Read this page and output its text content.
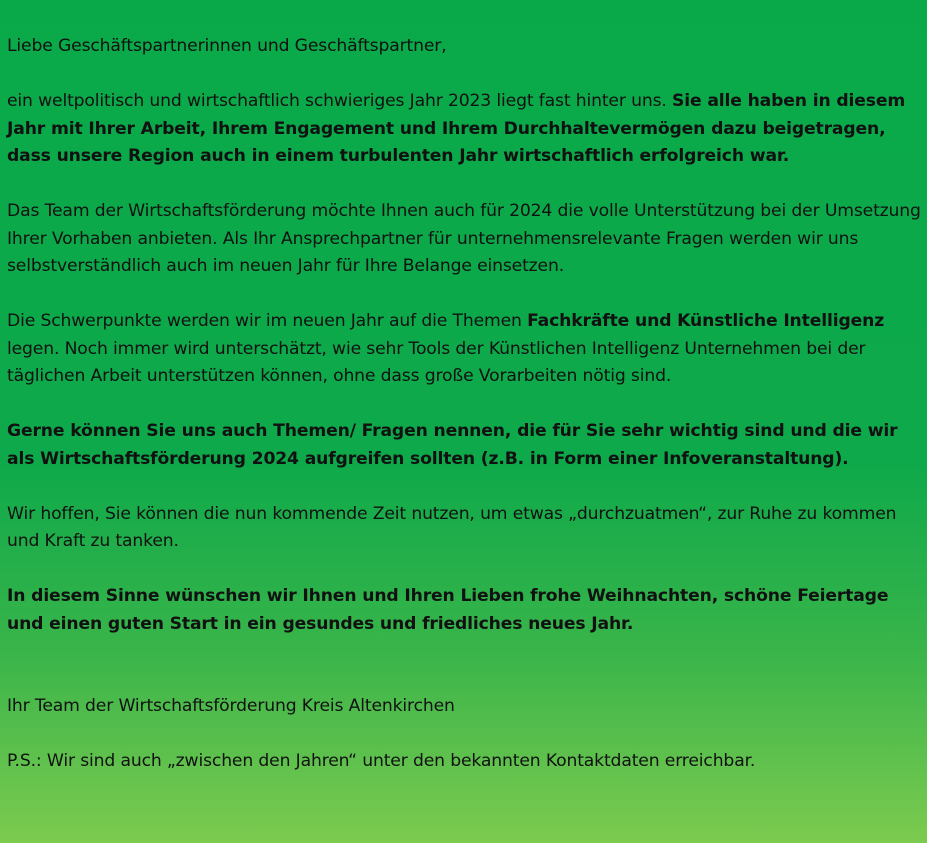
Liebe Geschäftspartnerinnen und Geschäftspartner,

ein weltpolitisch und wirtschaftlich schwieriges Jahr 2023 liegt fast hinter uns. Sie alle haben in diesem Jahr mit Ihrer Arbeit, Ihrem Engagement und Ihrem Durchhaltevermögen dazu beigetragen, dass unsere Region auch in einem turbulenten Jahr wirtschaftlich erfolgreich war.

Das Team der Wirtschaftsförderung möchte Ihnen auch für 2024 die volle Unterstützung bei der Umsetzung Ihrer Vorhaben anbieten. Als Ihr Ansprechpartner für unternehmensrelevante Fragen werden wir uns selbstverständlich auch im neuen Jahr für Ihre Belange einsetzen.

Die Schwerpunkte werden wir im neuen Jahr auf die Themen Fachkräfte und Künstliche Intelligenz legen. Noch immer wird unterschätzt, wie sehr Tools der Künstlichen Intelligenz Unternehmen bei der täglichen Arbeit unterstützen können, ohne dass große Vorarbeiten nötig sind.

Gerne können Sie uns auch Themen/ Fragen nennen, die für Sie sehr wichtig sind und die wir als Wirtschaftsförderung 2024 aufgreifen sollten (z.B. in Form einer Infoveranstaltung).

Wir hoffen, Sie können die nun kommende Zeit nutzen, um etwas „durchzuatmen“, zur Ruhe zu kommen und Kraft zu tanken.

In diesem Sinne wünschen wir Ihnen und Ihren Lieben frohe Weihnachten, schöne Feiertage und einen guten Start in ein gesundes und friedliches neues Jahr.

Ihr Team der Wirtschaftsförderung Kreis Altenkirchen

P.S.: Wir sind auch „zwischen den Jahren“ unter den bekannten Kontaktdaten erreichbar.
